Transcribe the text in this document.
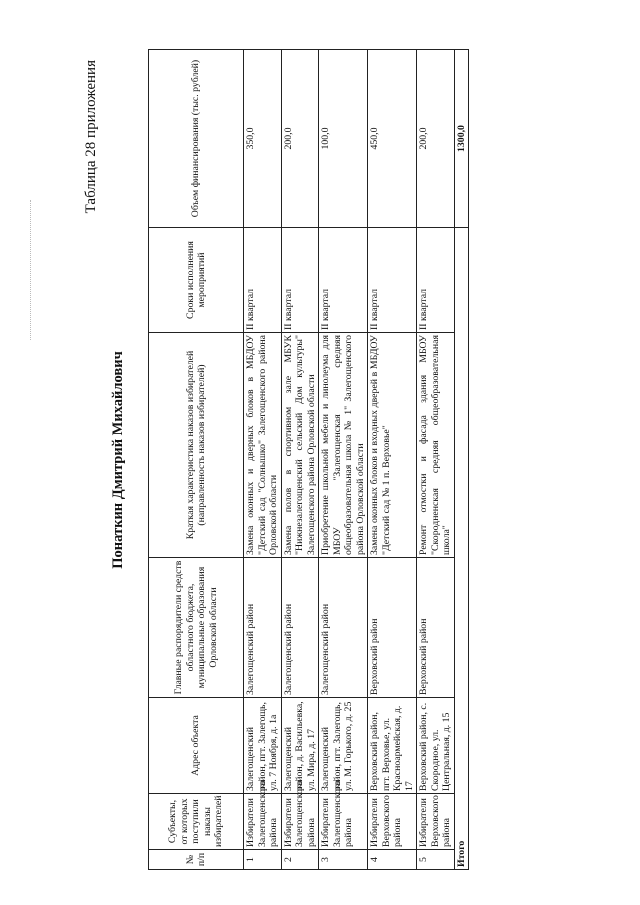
Таблица 28 приложения
Понаткин Дмитрий Михайлович
№ п/п	Субъекты, от которых поступили наказы избирателей	Адрес объекта	Главные распорядители средств областного бюджета, муниципальные образования Орловской области	Краткая характеристика наказов избирателей (направленность наказов избирателей)	Сроки исполнения мероприятий	Объем финансирования (тыс. рублей)
1	Избиратели Залегощенского района	Залегощенский район, пгт. Залегощь, ул. 7 Ноября, д. 1а	Залегощенский район	Замена оконных и дверных блоков в МБДОУ "Детский сад "Солнышко" Залегощенского района Орловской области	II квартал	350,0
2	Избиратели Залегощенского района	Залегощенский район, д. Васильевка, ул. Мира, д. 17	Залегощенский район	Замена полов в спортивном зале МБУК "Нижнезалегощенский сельский Дом культуры" Залегощенского района Орловской области	II квартал	200,0
3	Избиратели Залегощенского района	Залегощенский район, пгт. Залегощь, ул. М. Горького, д. 25	Залегощенский район	Приобретение школьной мебели и линолеума для МБОУ "Залегощенская средняя общеобразовательная школа № 1" Залегощенского района Орловской области	II квартал	100,0
4	Избиратели Верховского района	Верховский район, пгт. Верховье, ул. Красноармейская, д. 17	Верховский район	Замена оконных блоков и входных дверей в МБДОУ "Детский сад № 1 п. Верховье"	II квартал	450,0
5	Избиратели Верховского района	Верховский район, с. Скородное, ул. Центральная, д. 15	Верховский район	Ремонт отмостки и фасада здания МБОУ "Скородненская средняя общеобразовательная школа"	II квартал	200,0
Итого						1300,0
